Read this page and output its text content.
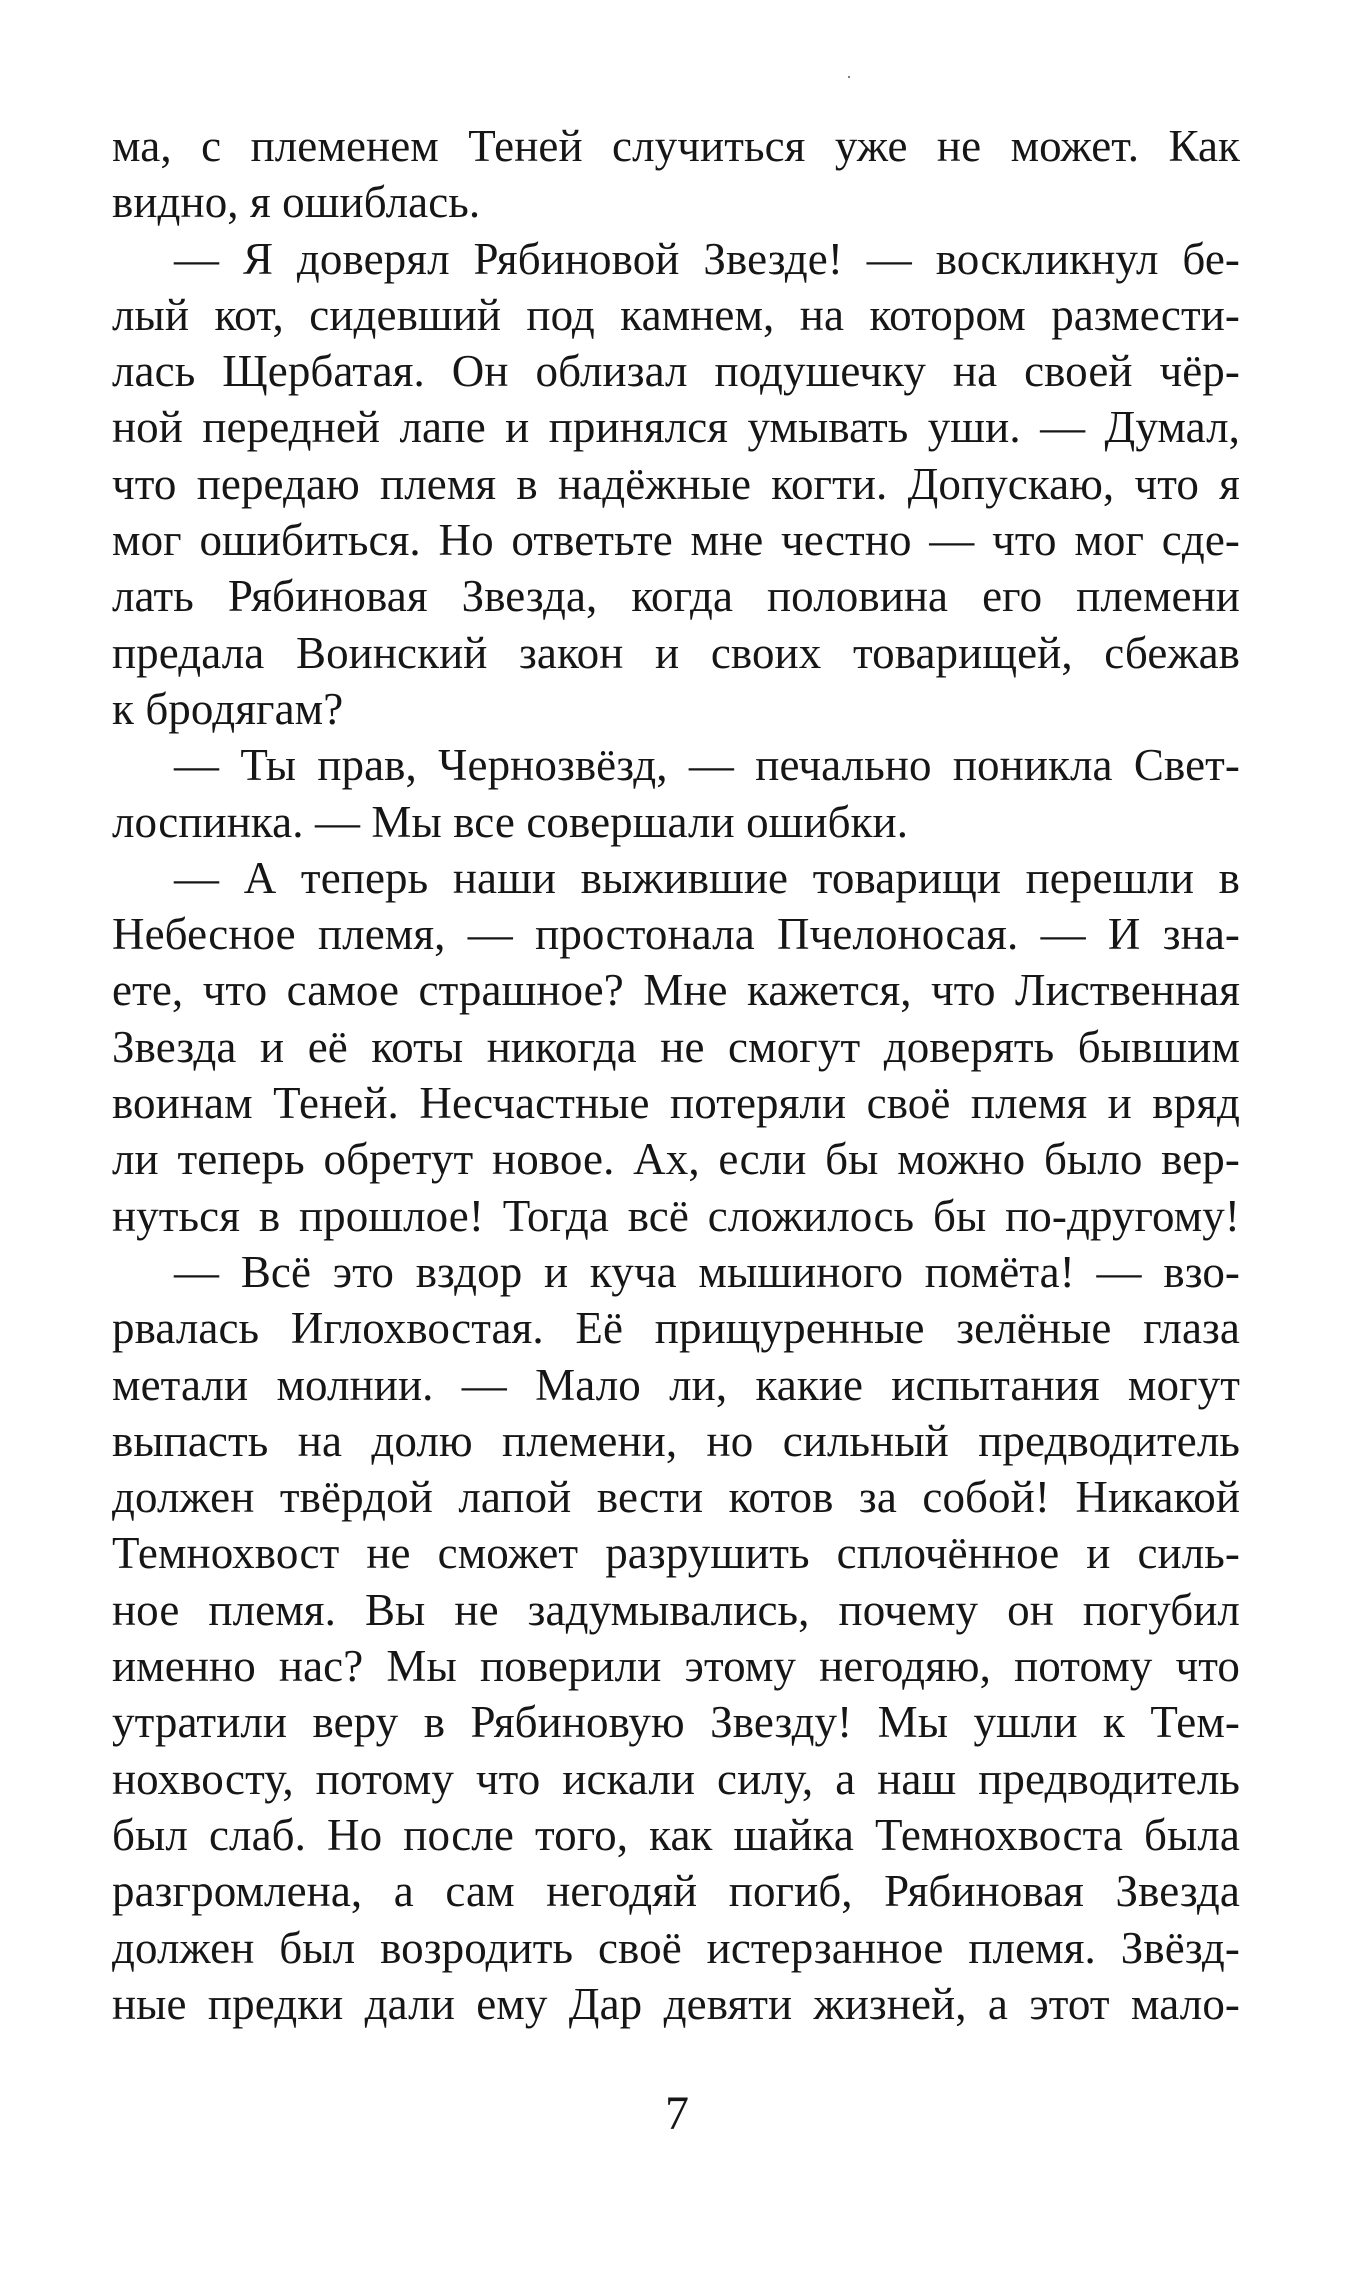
ма, с племенем Теней случиться уже не может. Как
видно, я ошиблась.
— Я доверял Рябиновой Звезде! — воскликнул бе-
лый кот, сидевший под камнем, на котором размести-
лась Щербатая. Он облизал подушечку на своей чёр-
ной передней лапе и принялся умывать уши. — Думал,
что передаю племя в надёжные когти. Допускаю, что я
мог ошибиться. Но ответьте мне честно — что мог сде-
лать Рябиновая Звезда, когда половина его племени
предала Воинский закон и своих товарищей, сбежав
к бродягам?
— Ты прав, Чернозвёзд, — печально поникла Свет-
лоспинка. — Мы все совершали ошибки.
— А теперь наши выжившие товарищи перешли в
Небесное племя, — простонала Пчелоносая. — И зна-
ете, что самое страшное? Мне кажется, что Лиственная
Звезда и её коты никогда не смогут доверять бывшим
воинам Теней. Несчастные потеряли своё племя и вряд
ли теперь обретут новое. Ах, если бы можно было вер-
нуться в прошлое! Тогда всё сложилось бы по-другому!
— Всё это вздор и куча мышиного помёта! — взо-
рвалась Иглохвостая. Её прищуренные зелёные глаза
метали молнии. — Мало ли, какие испытания могут
выпасть на долю племени, но сильный предводитель
должен твёрдой лапой вести котов за собой! Никакой
Темнохвост не сможет разрушить сплочённое и силь-
ное племя. Вы не задумывались, почему он погубил
именно нас? Мы поверили этому негодяю, потому что
утратили веру в Рябиновую Звезду! Мы ушли к Тем-
нохвосту, потому что искали силу, а наш предводитель
был слаб. Но после того, как шайка Темнохвоста была
разгромлена, а сам негодяй погиб, Рябиновая Звезда
должен был возродить своё истерзанное племя. Звёзд-
ные предки дали ему Дар девяти жизней, а этот мало-
7
